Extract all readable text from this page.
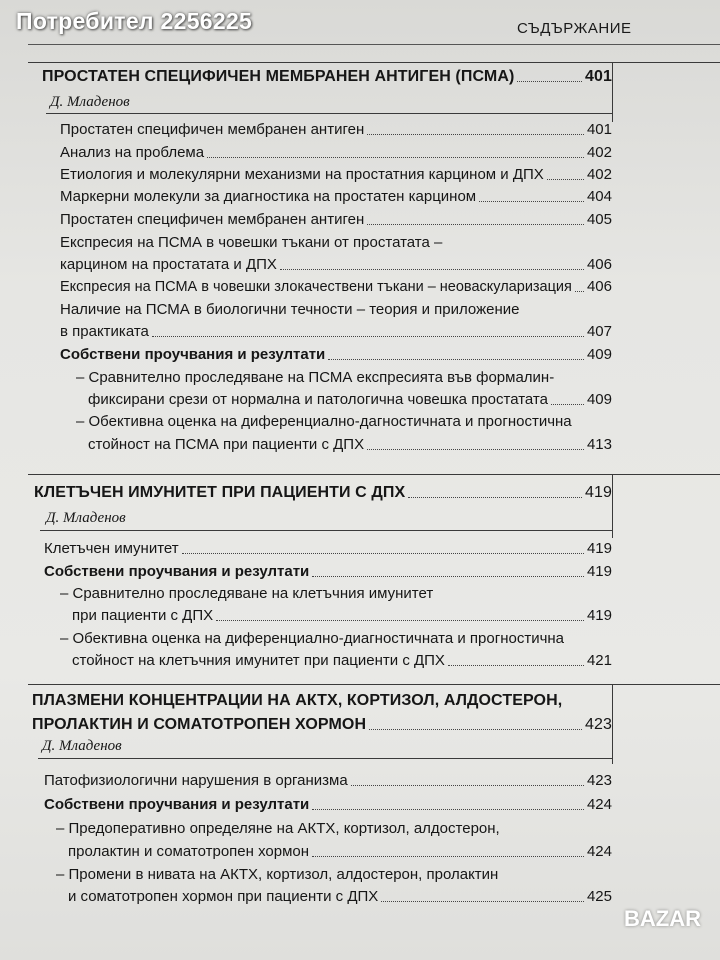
Потребител 2256225	СЪДЪРЖАНИЕ
ПРОСТАТЕН СПЕЦИФИЧЕН МЕМБРАНЕН АНТИГЕН (ПСМА)	401
Д. Младенов
Простатен специфичен мембранен антиген	401
Анализ на проблема	402
Етиология и молекулярни механизми на простатния карцином и ДПХ	402
Маркерни молекули за диагностика на простатен карцином	404
Простатен специфичен мембранен антиген	405
Експресия на ПСМА в човешки тъкани от простатата –
карцином на простатата и ДПХ	406
Експресия на ПСМА в човешки злокачествени тъкани – неоваскуларизация 406
Наличие на ПСМА в биологични течности – теория и приложение
в практиката	407
Собствени проучвания и резултати	409
– Сравнително проследяване на ПСМА експресията във формалин-
фиксирани срези от нормална и патологична човешка простатата	409
– Обективна оценка на диференциално-дагностичната и прогностична
стойност на ПСМА при пациенти с ДПХ	413
КЛЕТЪЧЕН ИМУНИТЕТ ПРИ ПАЦИЕНТИ С ДПХ	419
Д. Младенов
Клетъчен имунитет	419
Собствени проучвания и резултати	419
– Сравнително проследяване на клетъчния имунитет
при пациенти с ДПХ	419
– Обективна оценка на диференциално-диагностичната и прогностична
стойност на клетъчния имунитет при пациенти с ДПХ	421
ПЛАЗМЕНИ КОНЦЕНТРАЦИИ НА АКТХ, КОРТИЗОЛ, АЛДОСТЕРОН,
ПРОЛАКТИН И СОМАТОТРОПЕН ХОРМОН	423
Д. Младенов
Патофизиологични нарушения в организма	423
Собствени проучвания и резултати	424
– Предоперативно определяне на АКТХ, кортизол, алдостерон,
пролактин и соматотропен хормон	424
– Промени в нивата на АКТХ, кортизол, алдостерон, пролактин
и соматотропен хормон при пациенти с ДПХ	425
BAZAR
